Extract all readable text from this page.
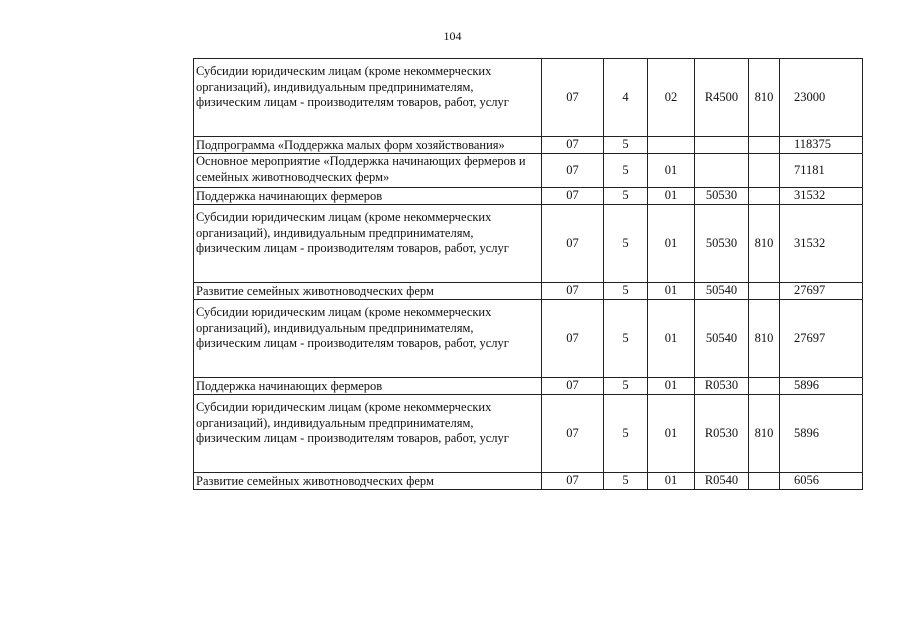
104
Субсидии юридическим лицам (кроме некоммерческих
организаций), индивидуальным предпринимателям,
физическим лицам - производителям товаров, работ, услуг	07	4	02	R4500	810	23000

Подпрограмма «Поддержка малых форм хозяйствования»	07	5				118375

Основное мероприятие «Поддержка начинающих фермеров и
семейных животноводческих ферм»	07	5	01			71181

Поддержка начинающих фермеров	07	5	01	50530		31532

Субсидии юридическим лицам (кроме некоммерческих
организаций), индивидуальным предпринимателям,
физическим лицам - производителям товаров, работ, услуг	07	5	01	50530	810	31532

Развитие семейных животноводческих ферм	07	5	01	50540		27697

Субсидии юридическим лицам (кроме некоммерческих
организаций), индивидуальным предпринимателям,
физическим лицам - производителям товаров, работ, услуг	07	5	01	50540	810	27697

Поддержка начинающих фермеров	07	5	01	R0530		5896

Субсидии юридическим лицам (кроме некоммерческих
организаций), индивидуальным предпринимателям,
физическим лицам - производителям товаров, работ, услуг	07	5	01	R0530	810	5896

Развитие семейных животноводческих ферм	07	5	01	R0540		6056
